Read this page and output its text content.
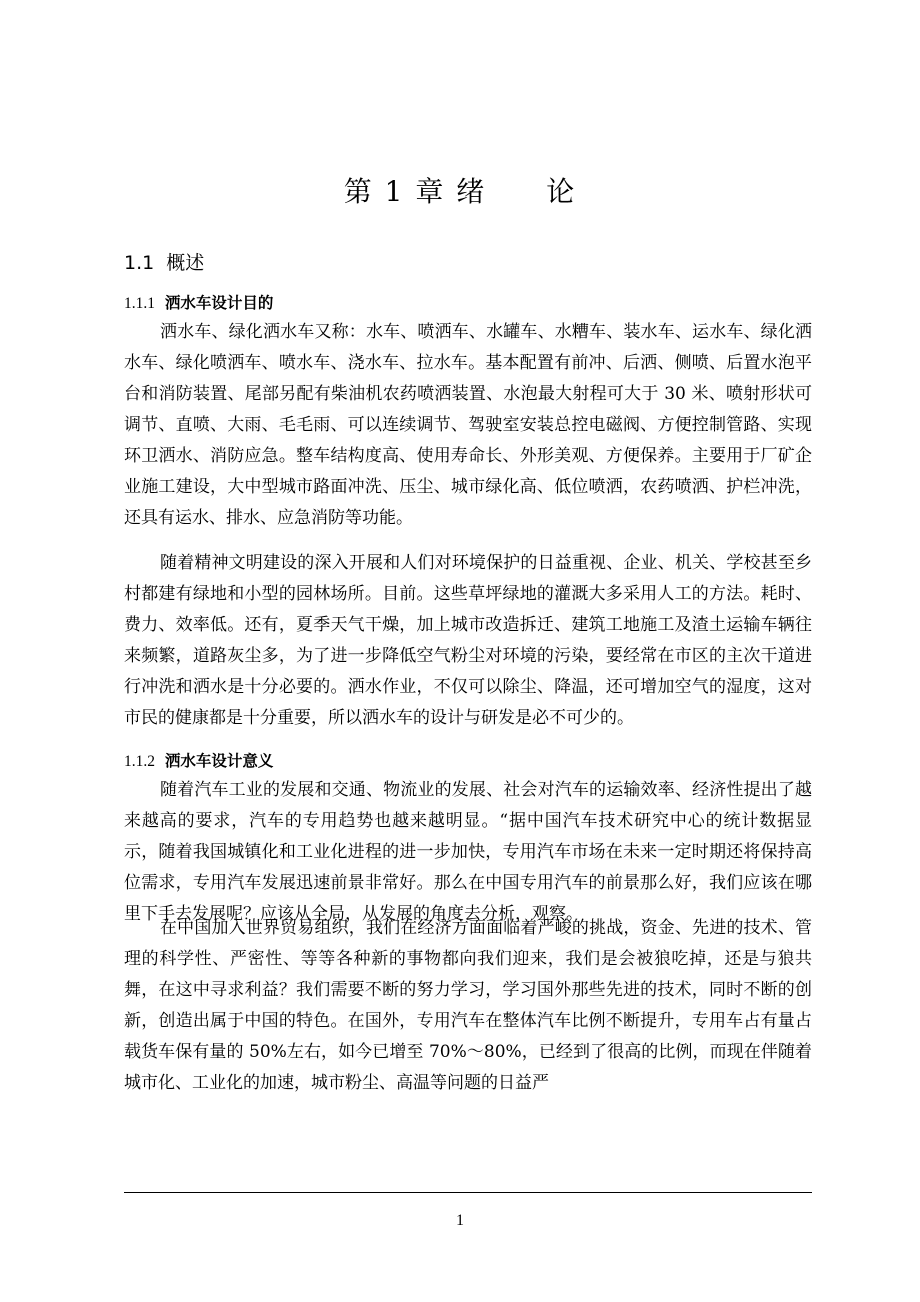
第 1 章 绪　　论
1.1  概述
1.1.1 洒水车设计目的

洒水车、绿化洒水车又称：水车、喷洒车、水罐车、水糟车、装水车、运水车、绿化洒水车、绿化喷洒车、喷水车、浇水车、拉水车。基本配置有前冲、后洒、侧喷、后置水泡平台和消防装置、尾部另配有柴油机农药喷洒装置、水泡最大射程可大于 30 米、喷射形状可调节、直喷、大雨、毛毛雨、可以连续调节、驾驶室安装总控电磁阀、方便控制管路、实现环卫洒水、消防应急。整车结构度高、使用寿命长、外形美观、方便保养。主要用于厂矿企业施工建设，大中型城市路面冲洗、压尘、城市绿化高、低位喷洒，农药喷洒、护栏冲洗，还具有运水、排水、应急消防等功能。

随着精神文明建设的深入开展和人们对环境保护的日益重视、企业、机关、学校甚至乡村都建有绿地和小型的园林场所。目前。这些草坪绿地的灌溉大多采用人工的方法。耗时、费力、效率低。还有，夏季天气干燥，加上城市改造拆迁、建筑工地施工及渣土运输车辆往来频繁，道路灰尘多，为了进一步降低空气粉尘对环境的污染，要经常在市区的主次干道进行冲洗和洒水是十分必要的。洒水作业，不仅可以除尘、降温，还可增加空气的湿度，这对市民的健康都是十分重要，所以洒水车的设计与研发是必不可少的。

1.1.2 洒水车设计意义

随着汽车工业的发展和交通、物流业的发展、社会对汽车的运输效率、经济性提出了越来越高的要求，汽车的专用趋势也越来越明显。“据中国汽车技术研究中心的统计数据显示，随着我国城镇化和工业化进程的进一步加快，专用汽车市场在未来一定时期还将保持高位需求，专用汽车发展迅速前景非常好。那么在中国专用汽车的前景那么好，我们应该在哪里下手去发展呢？应该从全局，从发展的角度去分析，观察。

在中国加入世界贸易组织，我们在经济方面面临着严峻的挑战，资金、先进的技术、管理的科学性、严密性、等等各种新的事物都向我们迎来，我们是会被狼吃掉，还是与狼共舞，在这中寻求利益？我们需要不断的努力学习，学习国外那些先进的技术，同时不断的创新，创造出属于中国的特色。在国外，专用汽车在整体汽车比例不断提升，专用车占有量占载货车保有量的 50%左右，如今已增至 70%～80%，已经到了很高的比例，而现在伴随着城市化、工业化的加速，城市粉尘、高温等问题的日益严

1
